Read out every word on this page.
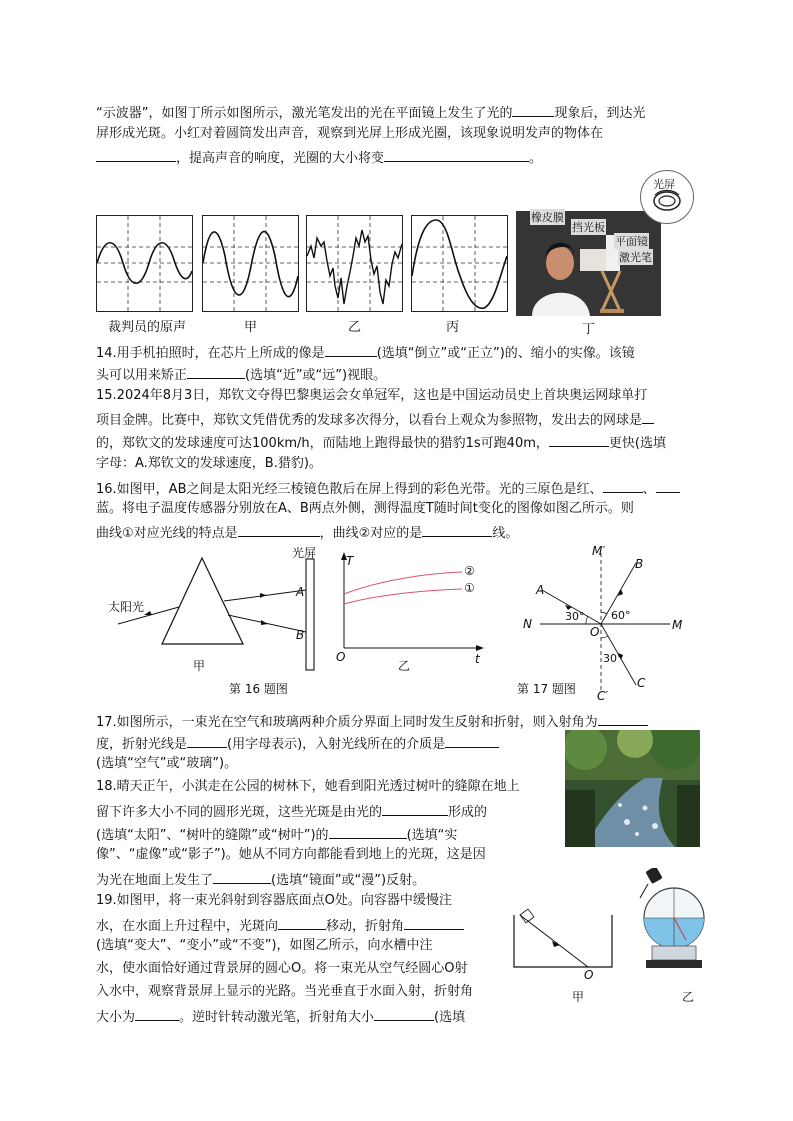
“示波器”，如图丁所示如图所示，激光笔发出的光在平面镜上发生了光的	现象后，到达光
屏形成光斑。小红对着圆筒发出声音，观察到光屏上形成光圈，该现象说明发声的物体在
，提高声音的响度，光圈的大小将变	。
橡皮膜
挡光板
平面镜
激光笔
光屏
裁判员的原声	甲	乙	丙	丁
14.用手机拍照时，在芯片上所成的像是	(选填“倒立”或“正立”)的、缩小的实像。该镜
头可以用来矫正	(选填“近”或“远”)视眼。
15.2024年8月3日，郑钦文夺得巴黎奥运会女单冠军，这也是中国运动员史上首块奥运网球单打
项目金牌。比赛中，郑钦文凭借优秀的发球多次得分，以看台上观众为参照物，发出去的网球是
的，郑钦文的发球速度可达100km/h，而陆地上跑得最快的猎豹1s可跑40m，	更快(选填
字母：A.郑钦文的发球速度，B.猎豹)。
16.如图甲，AB之间是太阳光经三棱镜色散后在屏上得到的彩色光带。光的三原色是红、	、
蓝。将电子温度传感器分别放在A、B两点外侧，测得温度T随时间t变化的图像如图乙所示。则
曲线①对应光线的特点是	，曲线②对应的是	线。
太阳光
光屏
A
B
甲
T
t
O
②
①
乙
第 16 题图
M′
B
A
30° 60°
N
O	M
30°
C
C′
第 17 题图
17.如图所示，一束光在空气和玻璃两种介质分界面上同时发生反射和折射，则入射角为
度，折射光线是	(用字母表示)，入射光线所在的介质是
(选填“空气”或“玻璃”)。
18.晴天正午，小淇走在公园的树林下，她看到阳光透过树叶的缝隙在地上
留下许多大小不同的圆形光斑，这些光斑是由光的	形成的
(选填“太阳”、“树叶的缝隙”或“树叶”)的	(选填“实
像”、“虚像”或“影子”)。她从不同方向都能看到地上的光斑，这是因
为光在地面上发生了	(选填“镜面”或“漫”)反射。
19.如图甲，将一束光斜射到容器底面点O处。向容器中缓慢注
水，在水面上升过程中，光斑向	移动，折射角
(选填“变大”、“变小”或“不变”)，如图乙所示，向水槽中注
水，使水面恰好通过背景屏的圆心O。将一束光从空气经圆心O射
入水中，观察背景屏上显示的光路。当光垂直于水面入射，折射角
大小为	。逆时针转动激光笔，折射角大小	(选填
O
甲	乙
